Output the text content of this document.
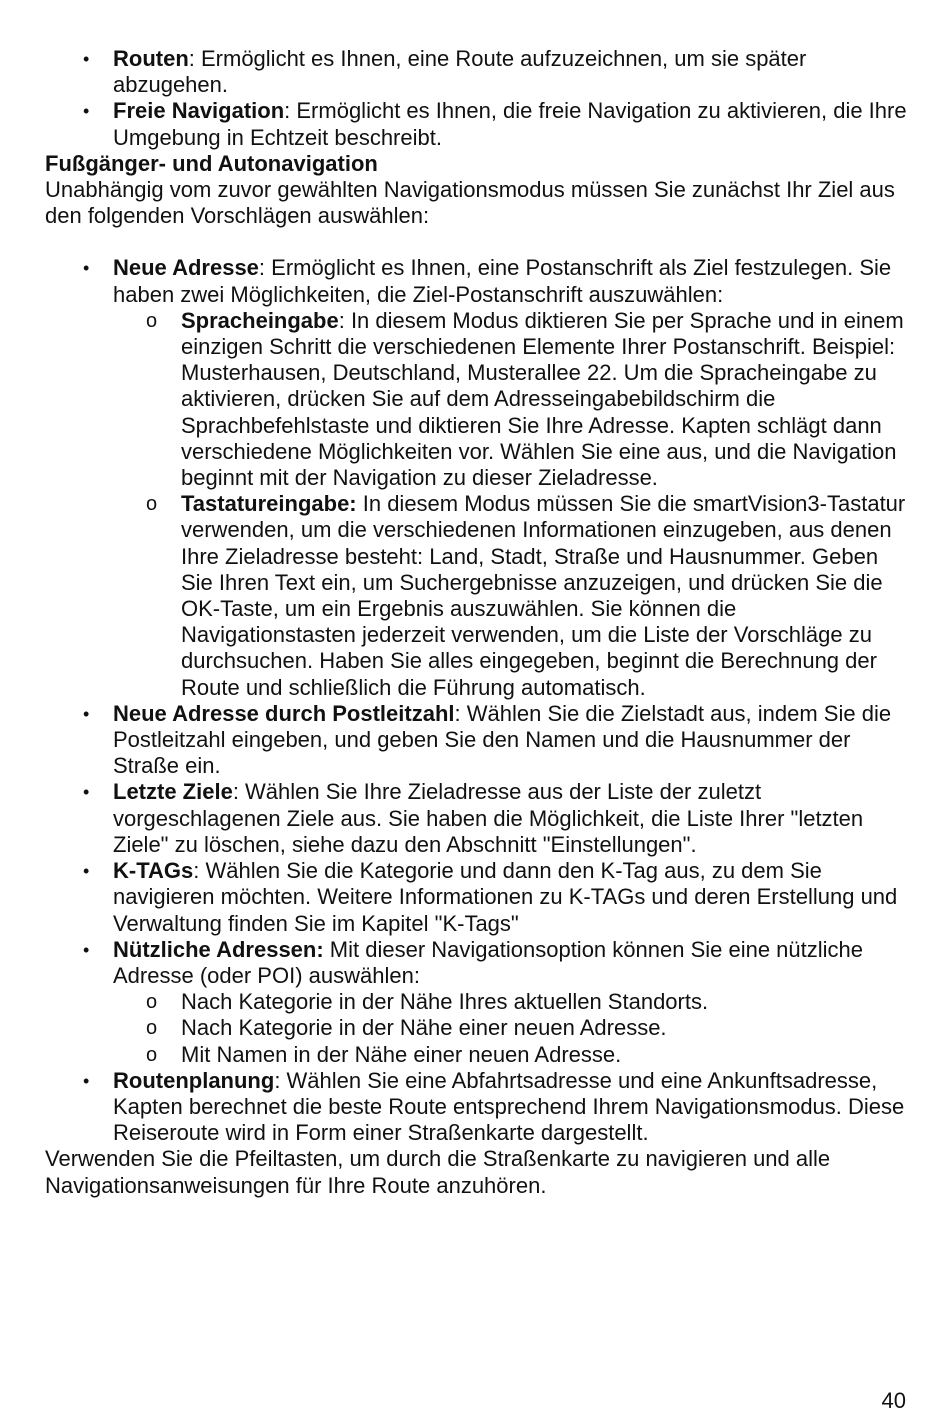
• Routen: Ermöglicht es Ihnen, eine Route aufzuzeichnen, um sie später abzugehen.
• Freie Navigation: Ermöglicht es Ihnen, die freie Navigation zu aktivieren, die Ihre Umgebung in Echtzeit beschreibt.
Fußgänger- und Autonavigation

Unabhängig vom zuvor gewählten Navigationsmodus müssen Sie zunächst Ihr Ziel aus den folgenden Vorschlägen auswählen:

• Neue Adresse: Ermöglicht es Ihnen, eine Postanschrift als Ziel festzulegen. Sie haben zwei Möglichkeiten, die Ziel-Postanschrift auszuwählen:
o Spracheingabe: In diesem Modus diktieren Sie per Sprache und in einem einzigen Schritt die verschiedenen Elemente Ihrer Postanschrift. Beispiel: Musterhausen, Deutschland, Musterallee 22. Um die Spracheingabe zu aktivieren, drücken Sie auf dem Adresseingabebildschirm die Sprachbefehlstaste und diktieren Sie Ihre Adresse. Kapten schlägt dann verschiedene Möglichkeiten vor. Wählen Sie eine aus, und die Navigation beginnt mit der Navigation zu dieser Zieladresse.
o Tastatureingabe: In diesem Modus müssen Sie die smartVision3-Tastatur verwenden, um die verschiedenen Informationen einzugeben, aus denen Ihre Zieladresse besteht: Land, Stadt, Straße und Hausnummer. Geben Sie Ihren Text ein, um Suchergebnisse anzuzeigen, und drücken Sie die OK-Taste, um ein Ergebnis auszuwählen. Sie können die Navigationstasten jederzeit verwenden, um die Liste der Vorschläge zu durchsuchen. Haben Sie alles eingegeben, beginnt die Berechnung der Route und schließlich die Führung automatisch.
• Neue Adresse durch Postleitzahl: Wählen Sie die Zielstadt aus, indem Sie die Postleitzahl eingeben, und geben Sie den Namen und die Hausnummer der Straße ein.
• Letzte Ziele: Wählen Sie Ihre Zieladresse aus der Liste der zuletzt vorgeschlagenen Ziele aus. Sie haben die Möglichkeit, die Liste Ihrer "letzten Ziele" zu löschen, siehe dazu den Abschnitt "Einstellungen".
• K-TAGs: Wählen Sie die Kategorie und dann den K-Tag aus, zu dem Sie navigieren möchten. Weitere Informationen zu K-TAGs und deren Erstellung und Verwaltung finden Sie im Kapitel "K-Tags"
• Nützliche Adressen: Mit dieser Navigationsoption können Sie eine nützliche Adresse (oder POI) auswählen:
o Nach Kategorie in der Nähe Ihres aktuellen Standorts.
o Nach Kategorie in der Nähe einer neuen Adresse.
o Mit Namen in der Nähe einer neuen Adresse.
• Routenplanung: Wählen Sie eine Abfahrtsadresse und eine Ankunftsadresse, Kapten berechnet die beste Route entsprechend Ihrem Navigationsmodus. Diese Reiseroute wird in Form einer Straßenkarte dargestellt.

Verwenden Sie die Pfeiltasten, um durch die Straßenkarte zu navigieren und alle Navigationsanweisungen für Ihre Route anzuhören.

40
